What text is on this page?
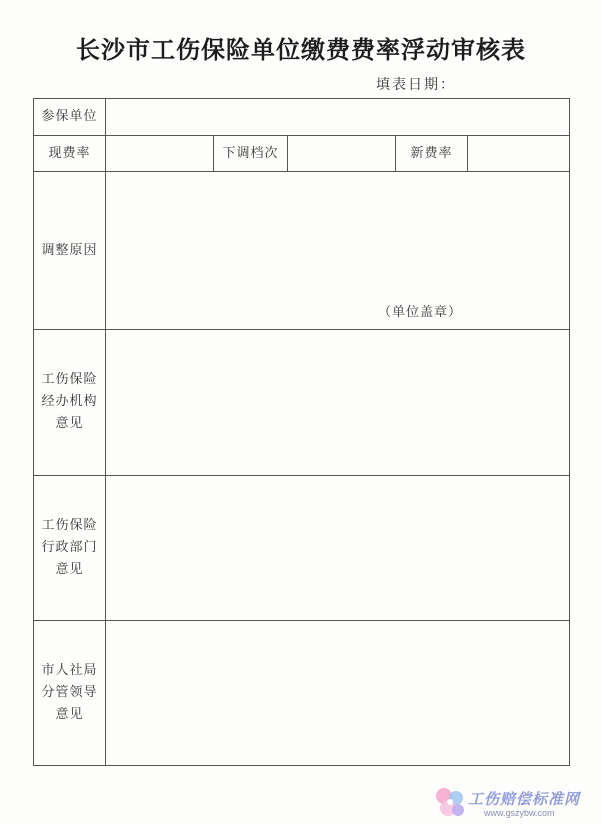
长沙市工伤保险单位缴费费率浮动审核表
填表日期：
参保单位					
现费率		下调档次		新费率	
调整原因	（单位盖章）				

工伤保险
经办机构
意见					

工伤保险
行政部门
意见					

市人社局
分管领导
意见					

工伤赔偿标准网
www.gszybw.com
